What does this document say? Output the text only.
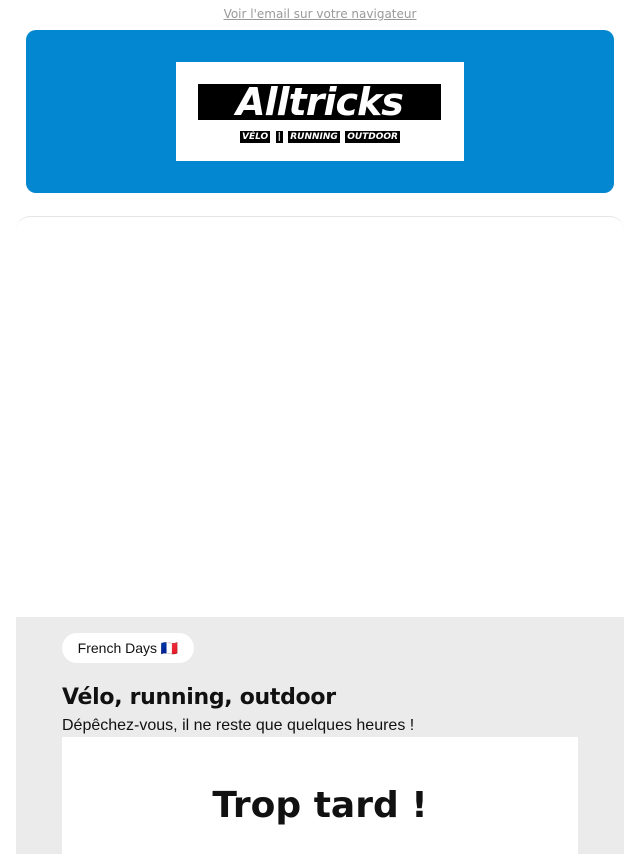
Voir l'email sur votre navigateur
Alltricks
VÉLO | RUNNING OUTDOOR
French Days 🇫🇷
Vélo, running, outdoor
Dépêchez-vous, il ne reste que quelques heures !
Trop tard !
